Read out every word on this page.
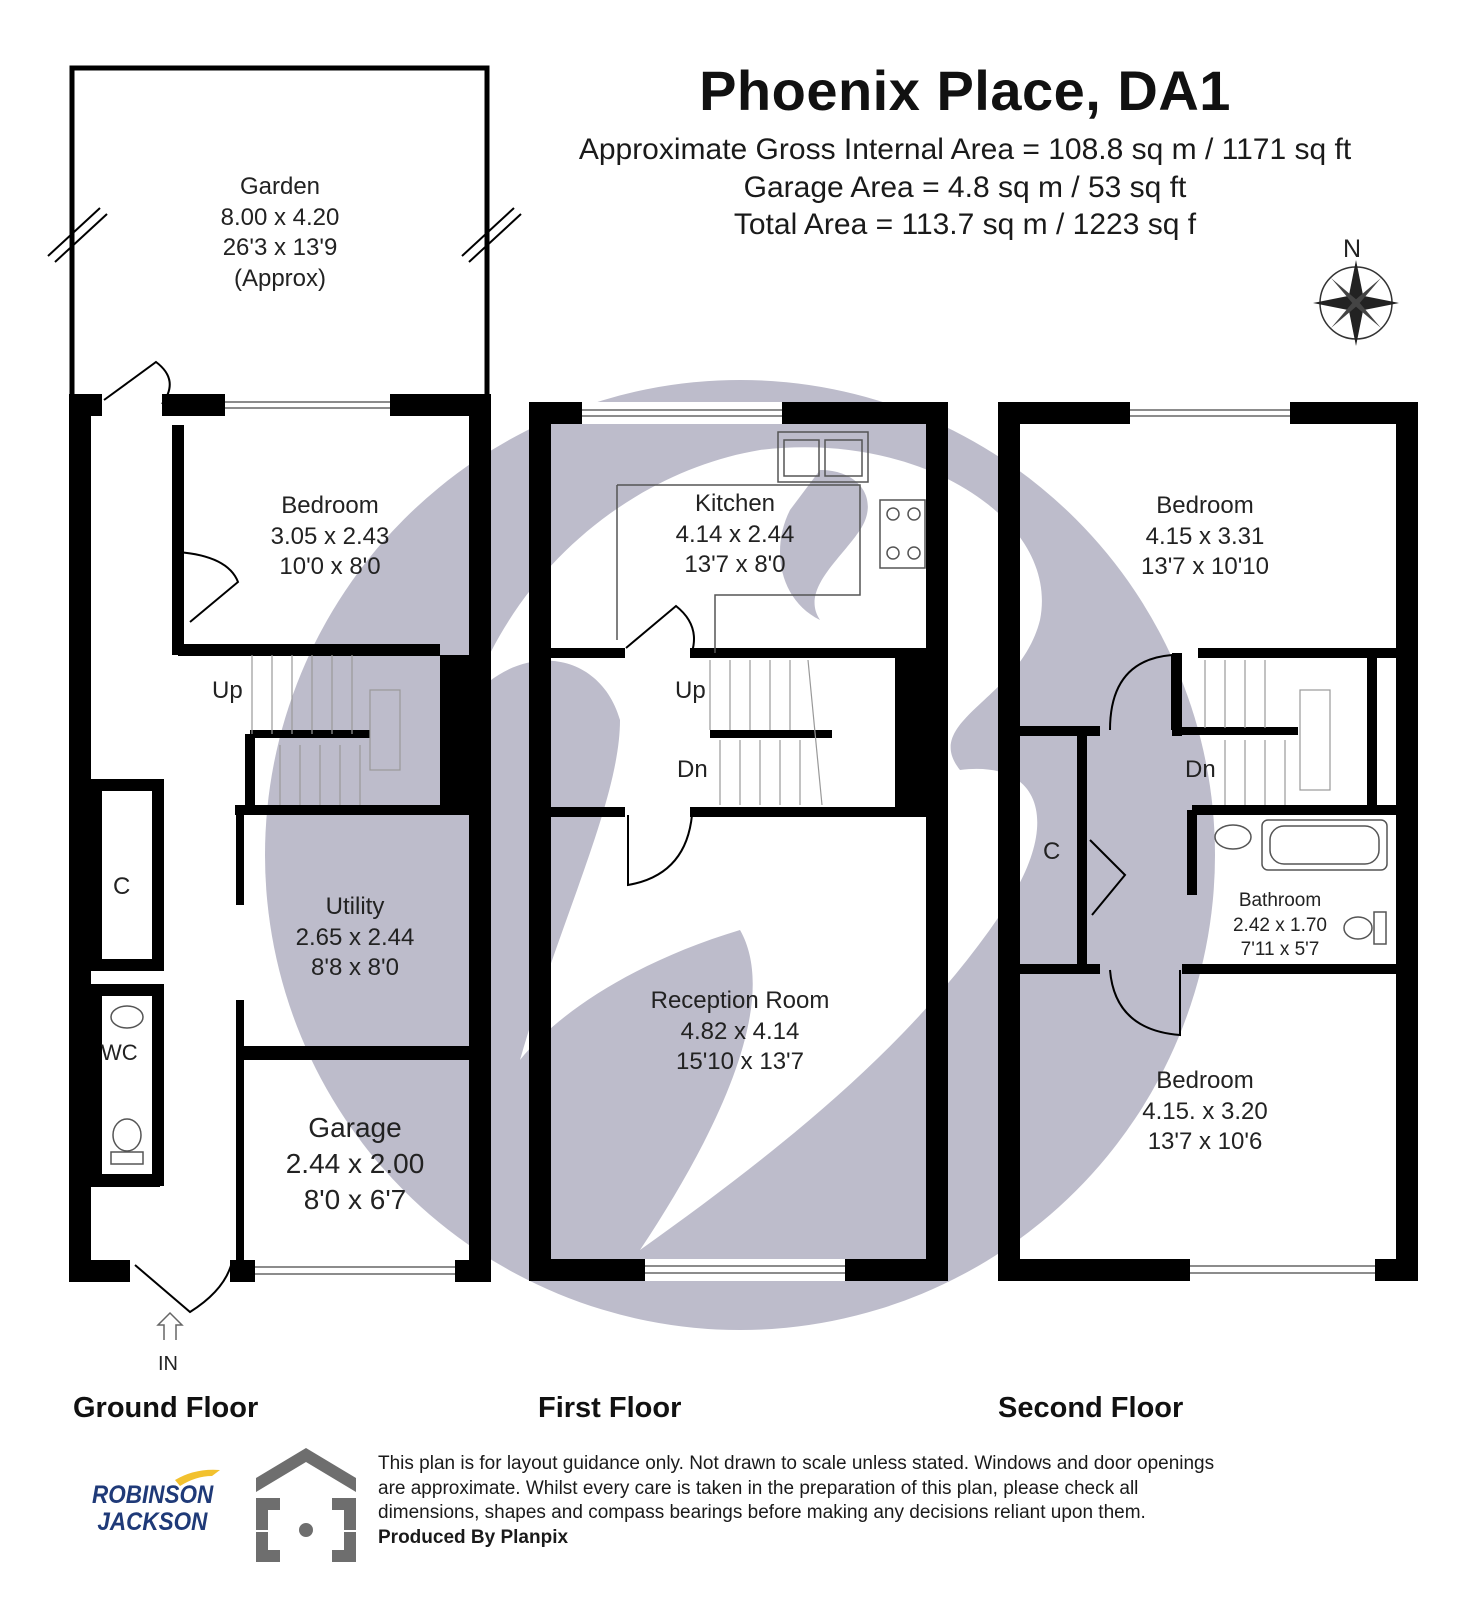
Phoenix Place, DA1
Approximate Gross Internal Area = 108.8 sq m / 1171 sq ft
Garage Area = 4.8 sq m / 53 sq ft
Total Area = 113.7 sq m / 1223 sq f
N
Garden
8.00 x 4.20
26'3 x 13'9
(Approx)
Bedroom
3.05 x 2.43
10'0 x 8'0
Up
Utility
2.65 x 2.44
8'8 x 8'0
Garage
2.44 x 2.00
8'0 x 6'7
C
WC
IN
Kitchen
4.14 x 2.44
13'7 x 8'0
Up
Dn
Reception Room
4.82 x 4.14
15'10 x 13'7
Bedroom
4.15 x 3.31
13'7 x 10'10
Dn
C
Bathroom
2.42 x 1.70
7'11 x 5'7
Bedroom
4.15. x 3.20
13'7 x 10'6
Ground Floor	First Floor	Second Floor
ROBINSON
JACKSON
This plan is for layout guidance only. Not drawn to scale unless stated. Windows and door openings
are approximate. Whilst every care is taken in the preparation of this plan, please check all
dimensions, shapes and compass bearings before making any decisions reliant upon them.
Produced By Planpix
